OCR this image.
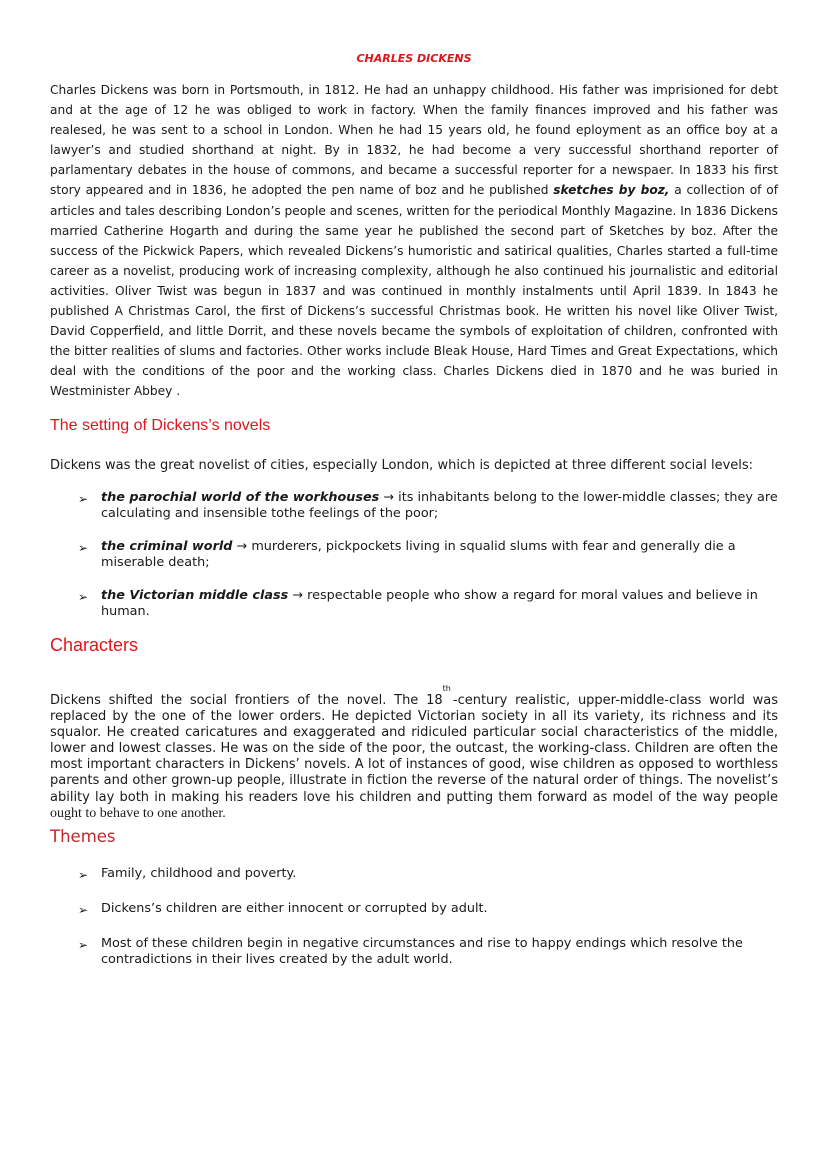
CHARLES DICKENS

Charles Dickens was born in Portsmouth, in 1812. He had an unhappy childhood. His father was imprisioned for debt and at the age of 12 he was obliged to work in factory. When the family finances improved and his father was realesed, he was sent to a school in London. When he had 15 years old, he found eployment as an office boy at a lawyer’s and studied shorthand at night. By in 1832, he had become a very successful shorthand reporter of parlamentary debates in the house of commons, and became a successful reporter for a newspaer. In 1833 his first story appeared and in 1836, he adopted the pen name of boz and he published sketches by boz, a collection of of articles and tales describing London’s people and scenes, written for the periodical Monthly Magazine. In 1836 Dickens married Catherine Hogarth and during the same year he published the second part of Sketches by boz. After the success of the Pickwick Papers, which revealed Dickens’s humoristic and satirical qualities, Charles started a full-time career as a novelist, producing work of increasing complexity, although he also continued his journalistic and editorial activities. Oliver Twist was begun in 1837 and was continued in monthly instalments until April 1839. In 1843 he published A Christmas Carol, the first of Dickens’s successful Christmas book. He written his novel like Oliver Twist, David Copperfield, and little Dorrit, and these novels became the symbols of exploitation of children, confronted with the bitter realities of slums and factories. Other works include Bleak House, Hard Times and Great Expectations, which deal with the conditions of the poor and the working class. Charles Dickens died in 1870 and he was buried in Westminister Abbey .

The setting of Dickens’s novels

Dickens was the great novelist of cities, especially London, which is depicted at three different social levels:

➢ the parochial world of the workhouses → its inhabitants belong to the lower-middle classes; they are calculating and insensible tothe feelings of the poor;
➢ the criminal world → murderers, pickpockets living in squalid slums with fear and generally die a miserable death;
➢ the Victorian middle class → respectable people who show a regard for moral values and believe in human.
Characters

Dickens shifted the social frontiers of the novel. The 18th-century realistic, upper-middle-class world was replaced by the one of the lower orders. He depicted Victorian society in all its variety, its richness and its squalor. He created caricatures and exaggerated and ridiculed particular social characteristics of the middle, lower and lowest classes. He was on the side of the poor, the outcast, the working-class. Children are often the most important characters in Dickens’ novels. A lot of instances of good, wise children as opposed to worthless parents and other grown-up people, illustrate in fiction the reverse of the natural order of things. The novelist’s ability lay both in making his readers love his children and putting them forward as model of the way people ought to behave to one another.

Themes
➢ Family, childhood and poverty.
➢ Dickens’s children are either innocent or corrupted by adult.
➢ Most of these children begin in negative circumstances and rise to happy endings which resolve the contradictions in their lives created by the adult world.
